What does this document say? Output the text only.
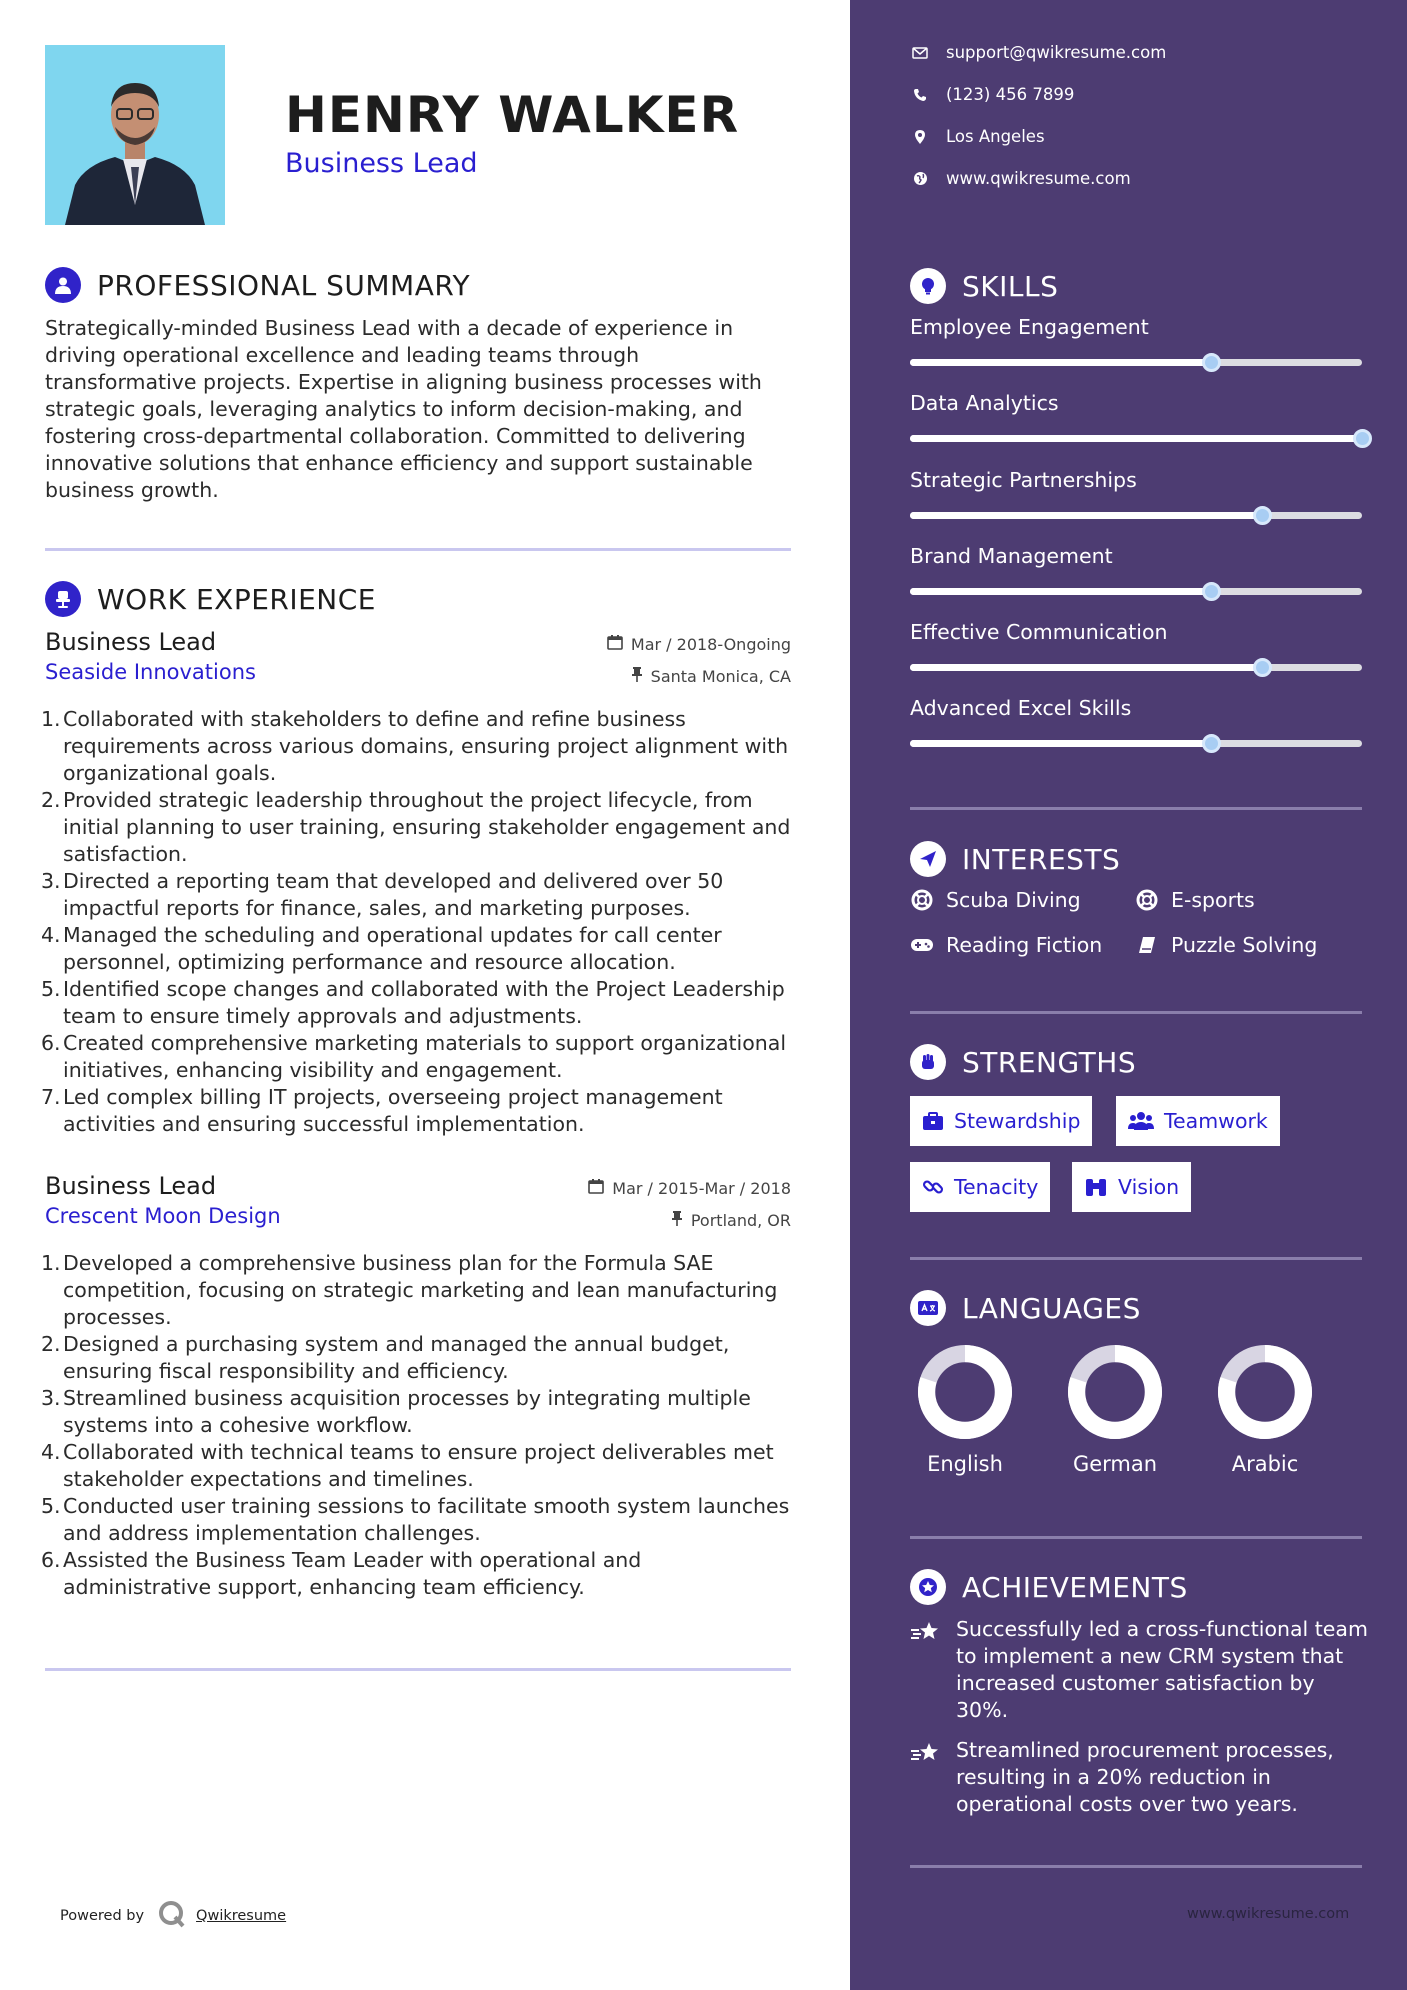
HENRY WALKER
Business Lead
PROFESSIONAL SUMMARY
Strategically-minded Business Lead with a decade of experience in driving operational excellence and leading teams through transformative projects. Expertise in aligning business processes with strategic goals, leveraging analytics to inform decision-making, and fostering cross-departmental collaboration. Committed to delivering innovative solutions that enhance efficiency and support sustainable business growth.
WORK EXPERIENCE
Business Lead	Mar / 2018-Ongoing
Seaside Innovations	Santa Monica, CA
1. Collaborated with stakeholders to define and refine business requirements across various domains, ensuring project alignment with organizational goals.
2. Provided strategic leadership throughout the project lifecycle, from initial planning to user training, ensuring stakeholder engagement and satisfaction.
3. Directed a reporting team that developed and delivered over 50 impactful reports for finance, sales, and marketing purposes.
4. Managed the scheduling and operational updates for call center personnel, optimizing performance and resource allocation.
5. Identified scope changes and collaborated with the Project Leadership team to ensure timely approvals and adjustments.
6. Created comprehensive marketing materials to support organizational initiatives, enhancing visibility and engagement.
7. Led complex billing IT projects, overseeing project management activities and ensuring successful implementation.
Business Lead	Mar / 2015-Mar / 2018
Crescent Moon Design	Portland, OR
1. Developed a comprehensive business plan for the Formula SAE competition, focusing on strategic marketing and lean manufacturing processes.
2. Designed a purchasing system and managed the annual budget, ensuring fiscal responsibility and efficiency.
3. Streamlined business acquisition processes by integrating multiple systems into a cohesive workflow.
4. Collaborated with technical teams to ensure project deliverables met stakeholder expectations and timelines.
5. Conducted user training sessions to facilitate smooth system launches and address implementation challenges.
6. Assisted the Business Team Leader with operational and administrative support, enhancing team efficiency.
Powered by	Qwikresume
support@qwikresume.com
(123) 456 7899
Los Angeles
www.qwikresume.com
SKILLS
Employee Engagement
Data Analytics
Strategic Partnerships
Brand Management
Effective Communication
Advanced Excel Skills
INTERESTS
Scuba Diving	E-sports
Reading Fiction	Puzzle Solving
STRENGTHS
Stewardship	Teamwork
Tenacity	Vision
LANGUAGES
English	German	Arabic
ACHIEVEMENTS
Successfully led a cross-functional team to implement a new CRM system that increased customer satisfaction by 30%.
Streamlined procurement processes, resulting in a 20% reduction in operational costs over two years.
www.qwikresume.com
